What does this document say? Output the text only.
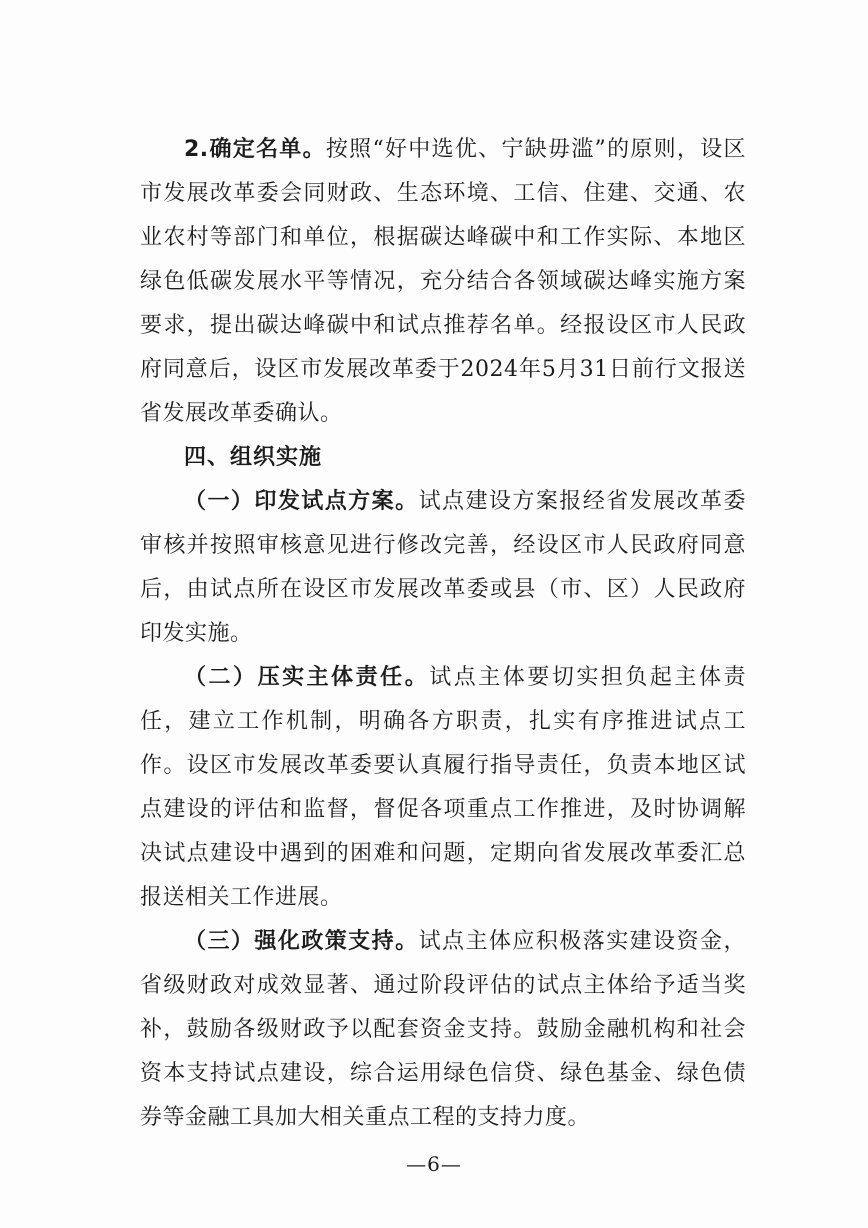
2.确定名单。按照“好中选优、宁缺毋滥”的原则，设区市发展改革委会同财政、生态环境、工信、住建、交通、农业农村等部门和单位，根据碳达峰碳中和工作实际、本地区绿色低碳发展水平等情况，充分结合各领域碳达峰实施方案要求，提出碳达峰碳中和试点推荐名单。经报设区市人民政府同意后，设区市发展改革委于2024年5月31日前行文报送省发展改革委确认。

四、组织实施

（一）印发试点方案。试点建设方案报经省发展改革委审核并按照审核意见进行修改完善，经设区市人民政府同意后，由试点所在设区市发展改革委或县（市、区）人民政府印发实施。

（二）压实主体责任。试点主体要切实担负起主体责任，建立工作机制，明确各方职责，扎实有序推进试点工作。设区市发展改革委要认真履行指导责任，负责本地区试点建设的评估和监督，督促各项重点工作推进，及时协调解决试点建设中遇到的困难和问题，定期向省发展改革委汇总报送相关工作进展。

（三）强化政策支持。试点主体应积极落实建设资金，省级财政对成效显著、通过阶段评估的试点主体给予适当奖补，鼓励各级财政予以配套资金支持。鼓励金融机构和社会资本支持试点建设，综合运用绿色信贷、绿色基金、绿色债券等金融工具加大相关重点工程的支持力度。

—6—
